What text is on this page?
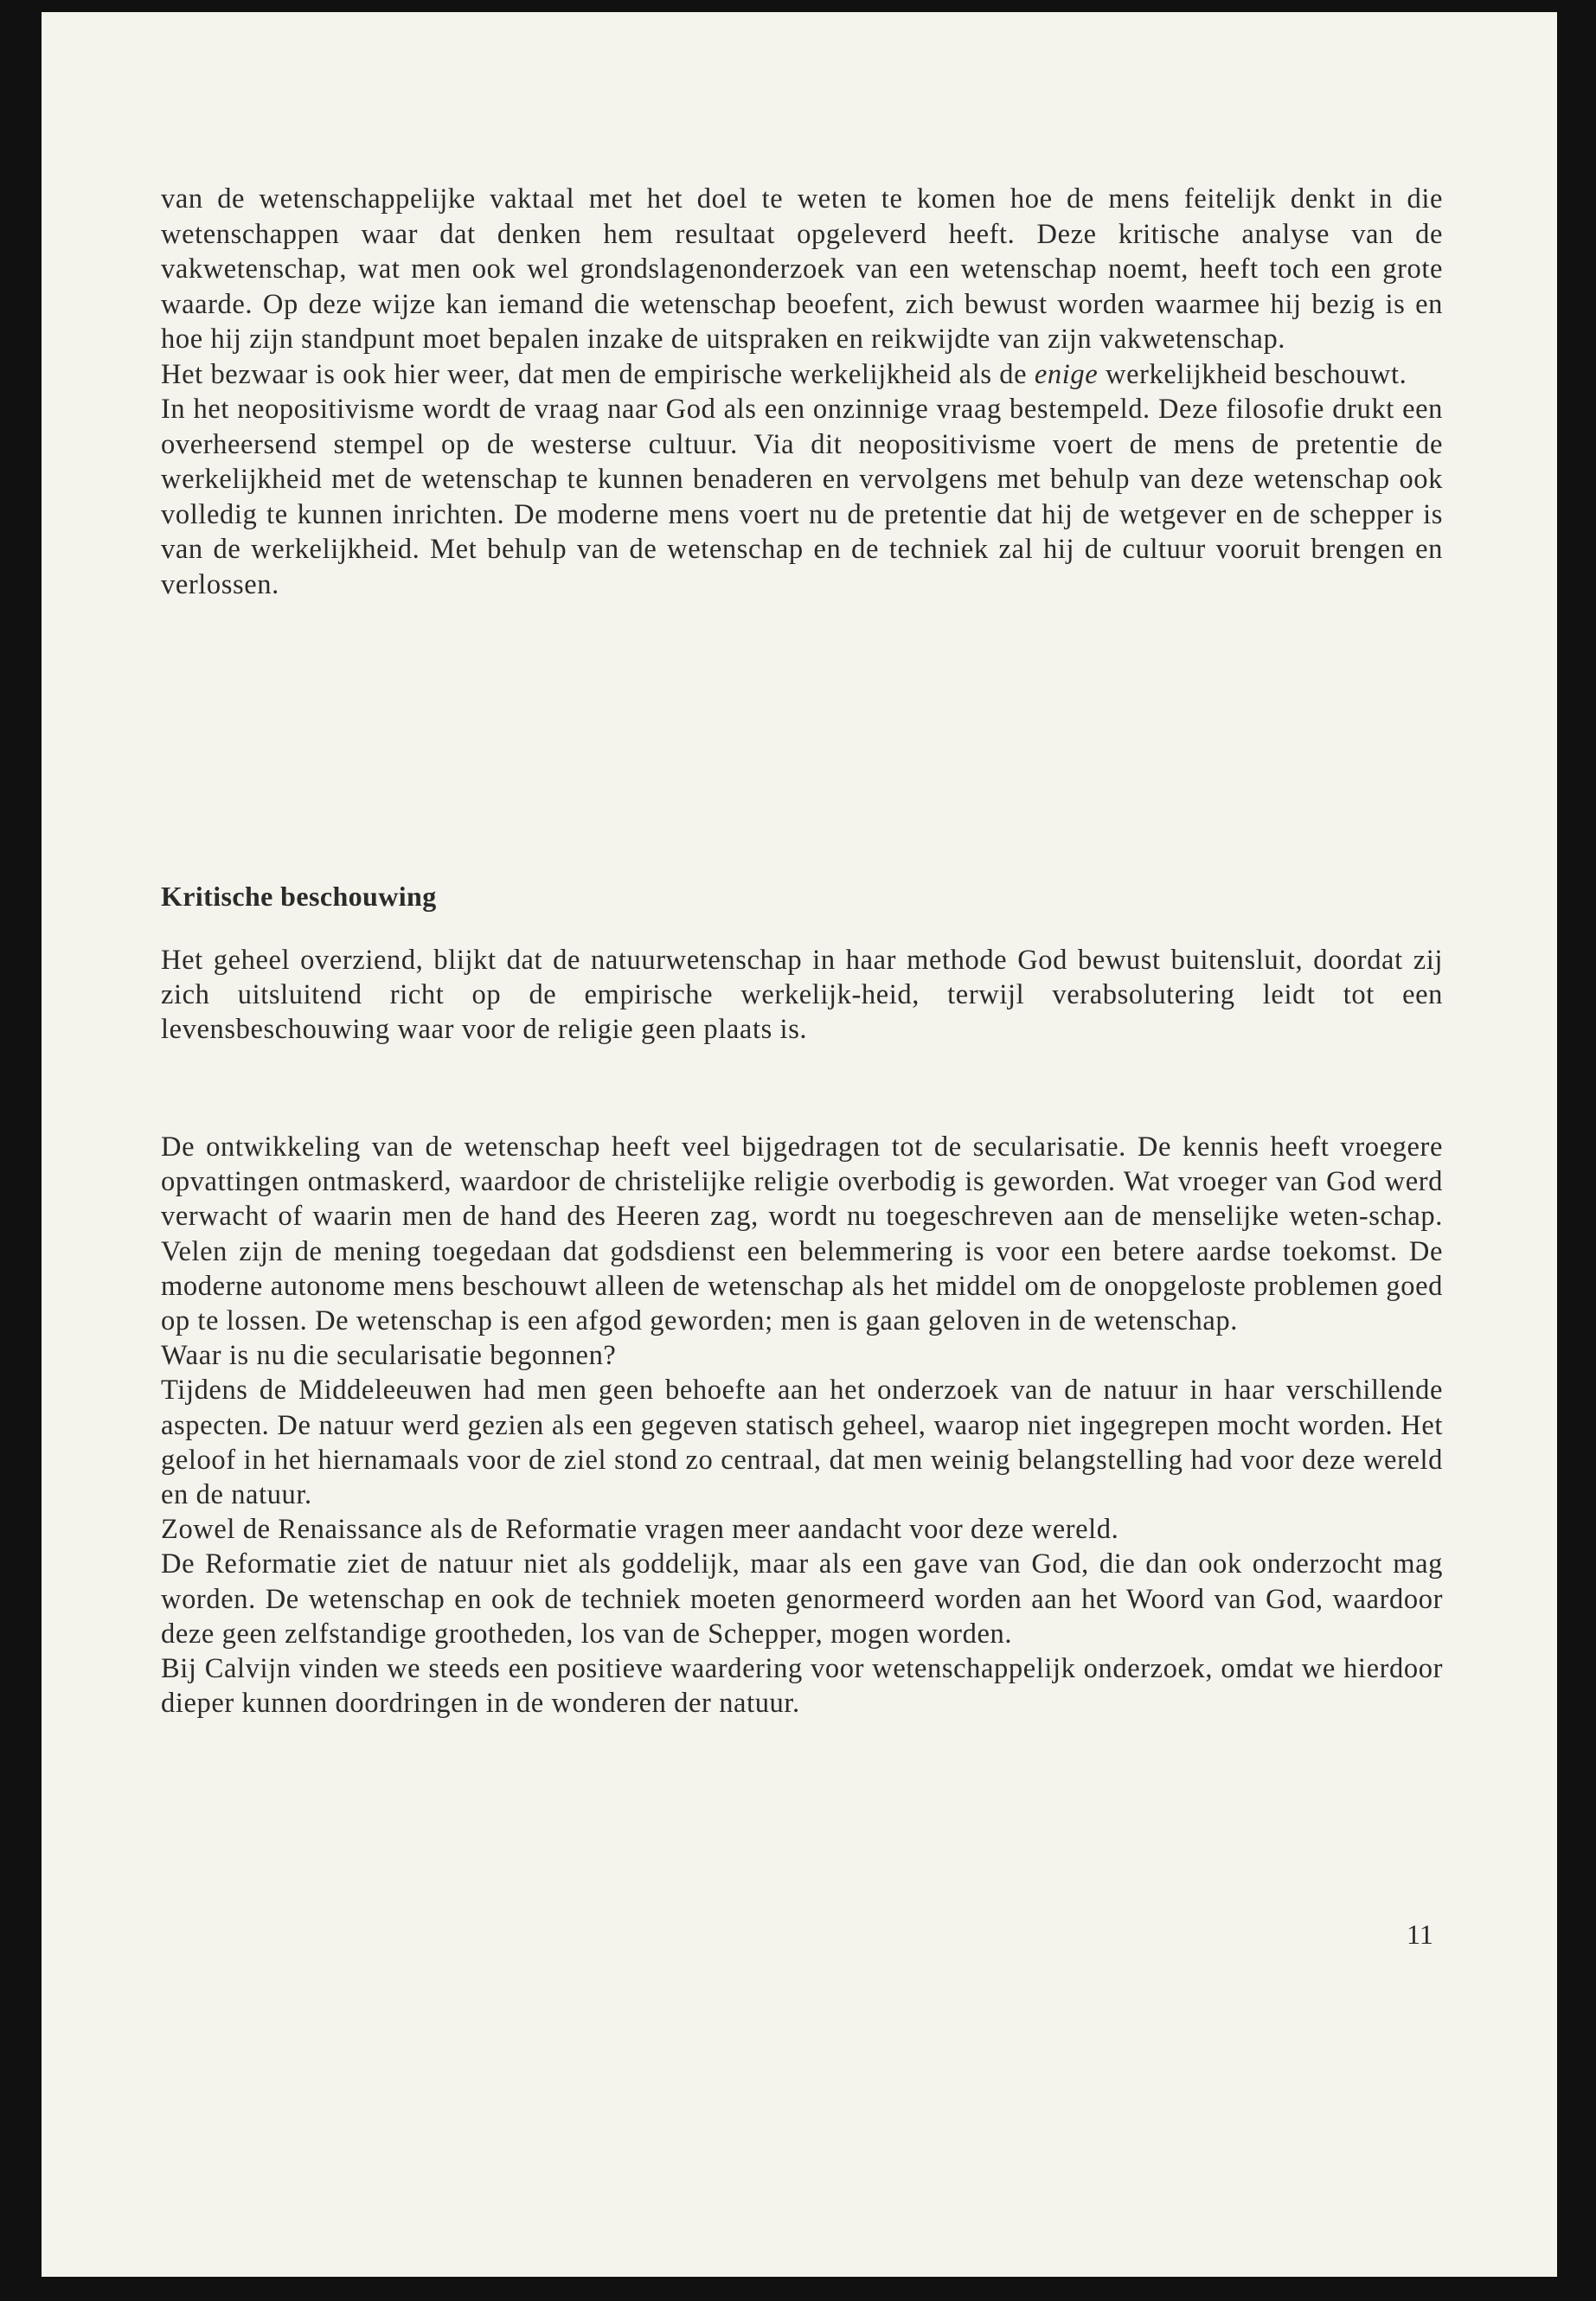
van de wetenschappelijke vaktaal met het doel te weten te komen hoe de mens feitelijk denkt in die wetenschappen waar dat denken hem resultaat opgeleverd heeft. Deze kritische analyse van de vakwetenschap, wat men ook wel grondslagenonderzoek van een wetenschap noemt, heeft toch een grote waarde. Op deze wijze kan iemand die wetenschap beoefent, zich bewust worden waarmee hij bezig is en hoe hij zijn standpunt moet bepalen inzake de uitspraken en reikwijdte van zijn vakwetenschap.

Het bezwaar is ook hier weer, dat men de empirische werkelijkheid als de enige werkelijkheid beschouwt.

In het neopositivisme wordt de vraag naar God als een onzinnige vraag bestempeld. Deze filosofie drukt een overheersend stempel op de westerse cultuur. Via dit neopositivisme voert de mens de pretentie de werkelijkheid met de wetenschap te kunnen benaderen en vervolgens met behulp van deze wetenschap ook volledig te kunnen inrichten. De moderne mens voert nu de pretentie dat hij de wetgever en de schepper is van de werkelijkheid. Met behulp van de wetenschap en de techniek zal hij de cultuur vooruit brengen en verlossen.

Kritische beschouwing

Het geheel overziend, blijkt dat de natuurwetenschap in haar methode God bewust buitensluit, doordat zij zich uitsluitend richt op de empirische werkelijk-heid, terwijl verabsolutering leidt tot een levensbeschouwing waar voor de religie geen plaats is.

De ontwikkeling van de wetenschap heeft veel bijgedragen tot de secularisatie. De kennis heeft vroegere opvattingen ontmaskerd, waardoor de christelijke religie overbodig is geworden. Wat vroeger van God werd verwacht of waarin men de hand des Heeren zag, wordt nu toegeschreven aan de menselijke weten-schap. Velen zijn de mening toegedaan dat godsdienst een belemmering is voor een betere aardse toekomst. De moderne autonome mens beschouwt alleen de wetenschap als het middel om de onopgeloste problemen goed op te lossen. De wetenschap is een afgod geworden; men is gaan geloven in de wetenschap.

Waar is nu die secularisatie begonnen?

Tijdens de Middeleeuwen had men geen behoefte aan het onderzoek van de natuur in haar verschillende aspecten. De natuur werd gezien als een gegeven statisch geheel, waarop niet ingegrepen mocht worden. Het geloof in het hiernamaals voor de ziel stond zo centraal, dat men weinig belangstelling had voor deze wereld en de natuur.

Zowel de Renaissance als de Reformatie vragen meer aandacht voor deze wereld.

De Reformatie ziet de natuur niet als goddelijk, maar als een gave van God, die dan ook onderzocht mag worden. De wetenschap en ook de techniek moeten genormeerd worden aan het Woord van God, waardoor deze geen zelfstandige grootheden, los van de Schepper, mogen worden.

Bij Calvijn vinden we steeds een positieve waardering voor wetenschappelijk onderzoek, omdat we hierdoor dieper kunnen doordringen in de wonderen der natuur.

11
